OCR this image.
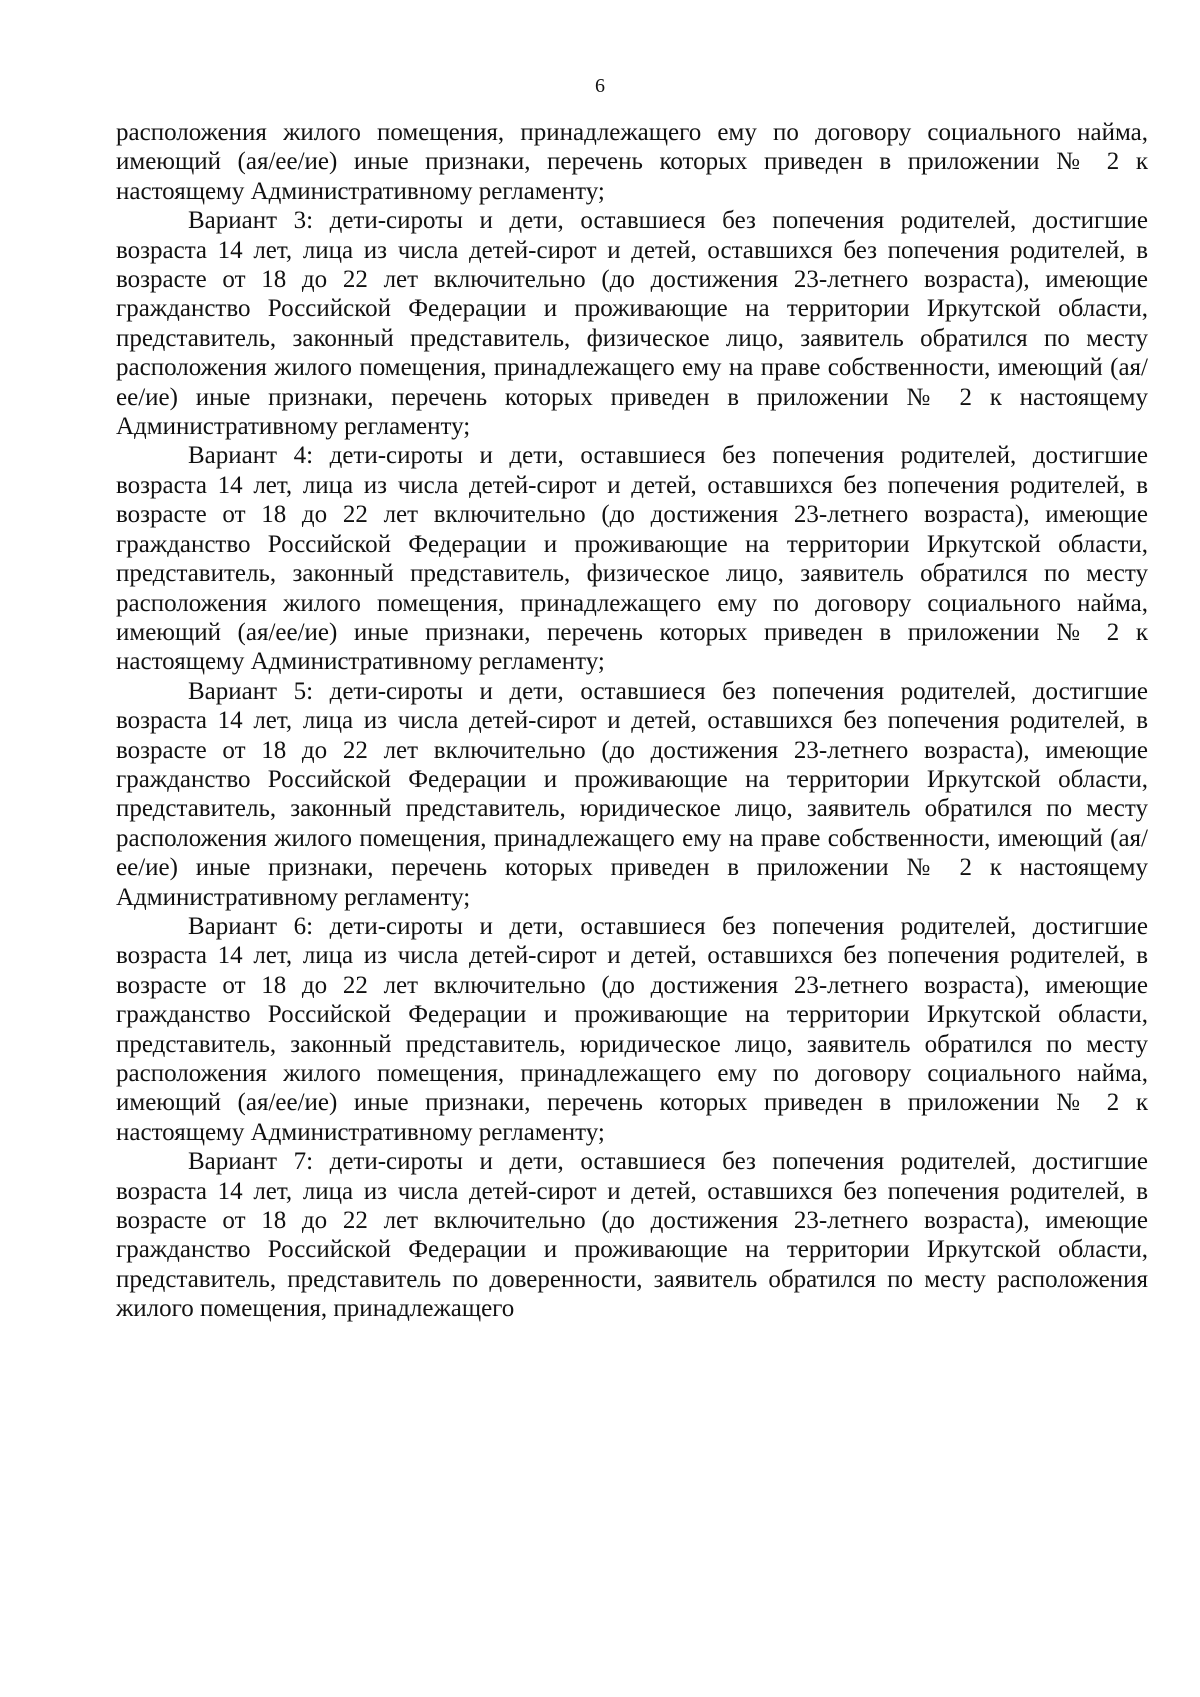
6

расположения жилого помещения, принадлежащего ему по договору социального найма, имеющий (ая/ее/ие) иные признаки, перечень которых приведен в приложении № 2 к настоящему Административному регламенту;

Вариант 3: дети-сироты и дети, оставшиеся без попечения родителей, достигшие возраста 14 лет, лица из числа детей-сирот и детей, оставшихся без попечения родителей, в возрасте от 18 до 22 лет включительно (до достижения 23-летнего возраста), имеющие гражданство Российской Федерации и проживающие на территории Иркутской области, представитель, законный представитель, физическое лицо, заявитель обратился по месту расположения жилого помещения, принадлежащего ему на праве собственности, имеющий (ая/ее/ие) иные признаки, перечень которых приведен в приложении № 2 к настоящему Административному регламенту;

Вариант 4: дети-сироты и дети, оставшиеся без попечения родителей, достигшие возраста 14 лет, лица из числа детей-сирот и детей, оставшихся без попечения родителей, в возрасте от 18 до 22 лет включительно (до достижения 23-летнего возраста), имеющие гражданство Российской Федерации и проживающие на территории Иркутской области, представитель, законный представитель, физическое лицо, заявитель обратился по месту расположения жилого помещения, принадлежащего ему по договору социального найма, имеющий (ая/ее/ие) иные признаки, перечень которых приведен в приложении № 2 к настоящему Административному регламенту;

Вариант 5: дети-сироты и дети, оставшиеся без попечения родителей, достигшие возраста 14 лет, лица из числа детей-сирот и детей, оставшихся без попечения родителей, в возрасте от 18 до 22 лет включительно (до достижения 23-летнего возраста), имеющие гражданство Российской Федерации и проживающие на территории Иркутской области, представитель, законный представитель, юридическое лицо, заявитель обратился по месту расположения жилого помещения, принадлежащего ему на праве собственности, имеющий (ая/ее/ие) иные признаки, перечень которых приведен в приложении № 2 к настоящему Административному регламенту;

Вариант 6: дети-сироты и дети, оставшиеся без попечения родителей, достигшие возраста 14 лет, лица из числа детей-сирот и детей, оставшихся без попечения родителей, в возрасте от 18 до 22 лет включительно (до достижения 23-летнего возраста), имеющие гражданство Российской Федерации и проживающие на территории Иркутской области, представитель, законный представитель, юридическое лицо, заявитель обратился по месту расположения жилого помещения, принадлежащего ему по договору социального найма, имеющий (ая/ее/ие) иные признаки, перечень которых приведен в приложении № 2 к настоящему Административному регламенту;

Вариант 7: дети-сироты и дети, оставшиеся без попечения родителей, достигшие возраста 14 лет, лица из числа детей-сирот и детей, оставшихся без попечения родителей, в возрасте от 18 до 22 лет включительно (до достижения 23-летнего возраста), имеющие гражданство Российской Федерации и проживающие на территории Иркутской области, представитель, представитель по доверенности, заявитель обратился по месту расположения жилого помещения, принадлежащего
